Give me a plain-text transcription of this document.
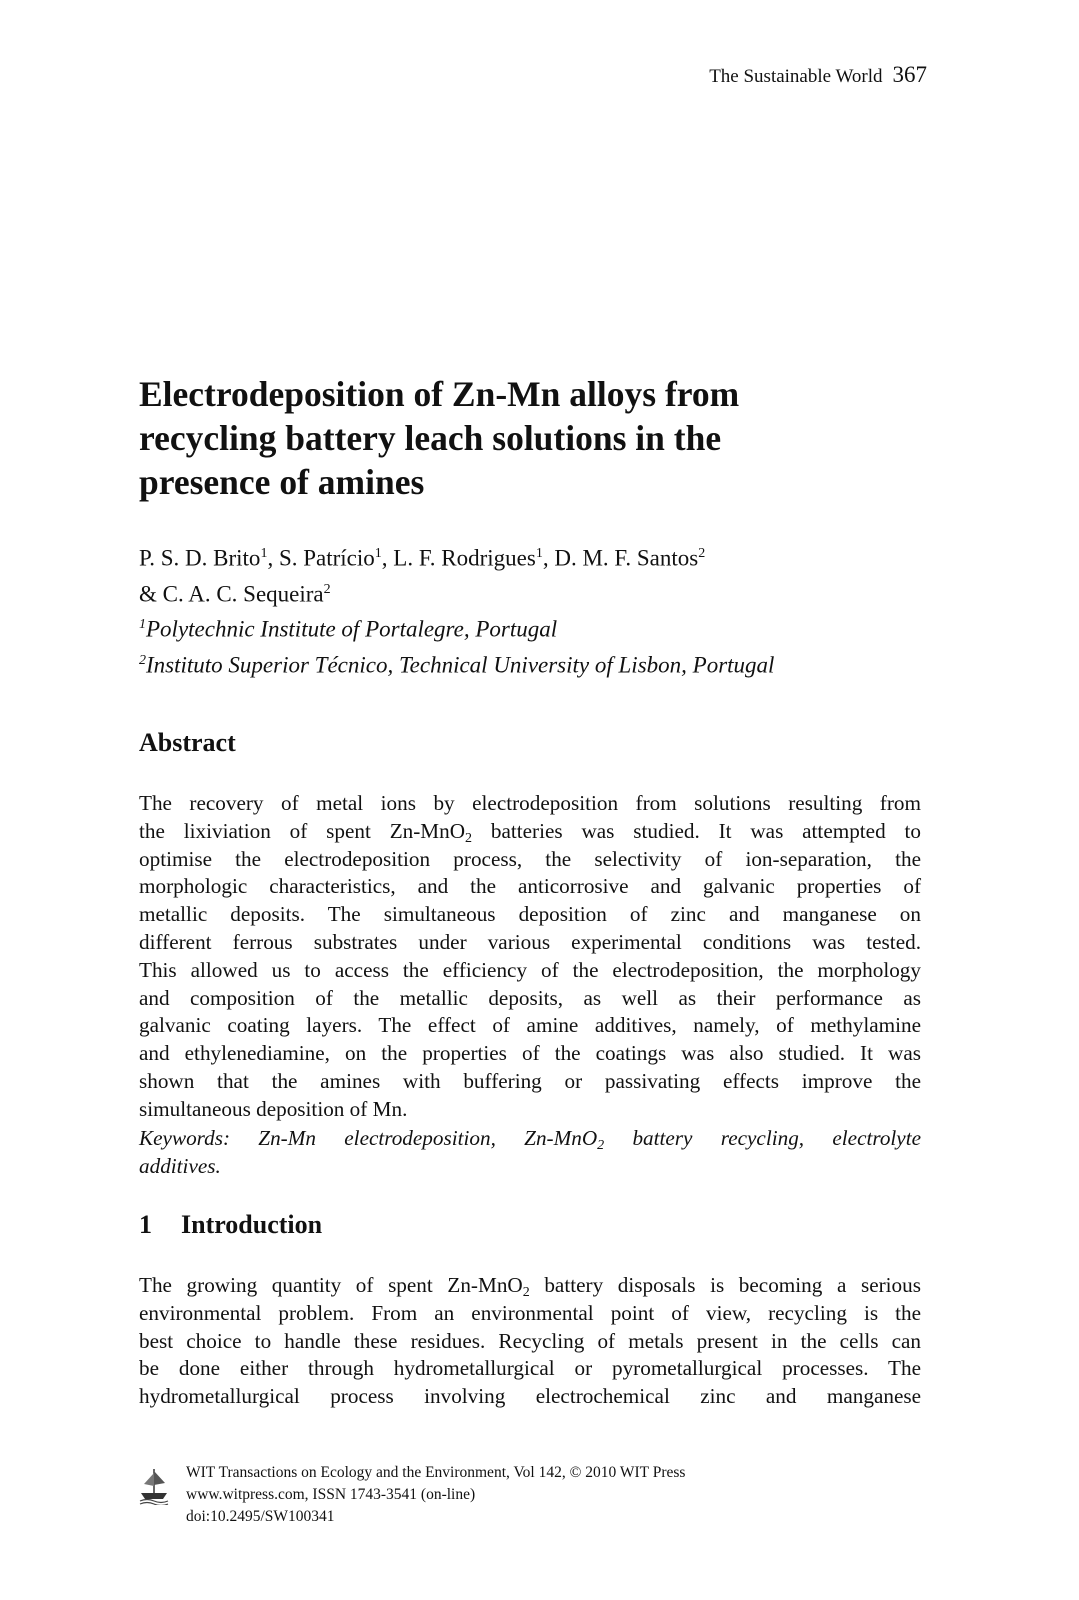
The Sustainable World 367
Electrodeposition of Zn-Mn alloys from
recycling battery leach solutions in the
presence of amines
P. S. D. Brito$^1$, S. Patrício$^1$, L. F. Rodrigues$^1$, D. M. F. Santos$^2$
& C. A. C. Sequeira$^2$
$^1$Polytechnic Institute of Portalegre, Portugal
$^2$Instituto Superior Técnico, Technical University of Lisbon, Portugal
Abstract
The recovery of metal ions by electrodeposition from solutions resulting from
the lixiviation of spent Zn-MnO$_2$ batteries was studied. It was attempted to
optimise the electrodeposition process, the selectivity of ion-separation, the
morphologic characteristics, and the anticorrosive and galvanic properties of
metallic deposits. The simultaneous deposition of zinc and manganese on
different ferrous substrates under various experimental conditions was tested.
This allowed us to access the efficiency of the electrodeposition, the morphology
and composition of the metallic deposits, as well as their performance as
galvanic coating layers. The effect of amine additives, namely, of methylamine
and ethylenediamine, on the properties of the coatings was also studied. It was
shown that the amines with buffering or passivating effects improve the
simultaneous deposition of Mn.
Keywords: Zn-Mn electrodeposition, Zn-MnO$_2$ battery recycling, electrolyte
additives.
1 Introduction
The growing quantity of spent Zn-MnO$_2$ battery disposals is becoming a serious
environmental problem. From an environmental point of view, recycling is the
best choice to handle these residues. Recycling of metals present in the cells can
be done either through hydrometallurgical or pyrometallurgical processes. The
hydrometallurgical process involving electrochemical zinc and manganese
WIT Transactions on Ecology and the Environment, Vol 142, © 2010 WIT Press
www.witpress.com, ISSN 1743-3541 (on-line)
doi:10.2495/SW100341
